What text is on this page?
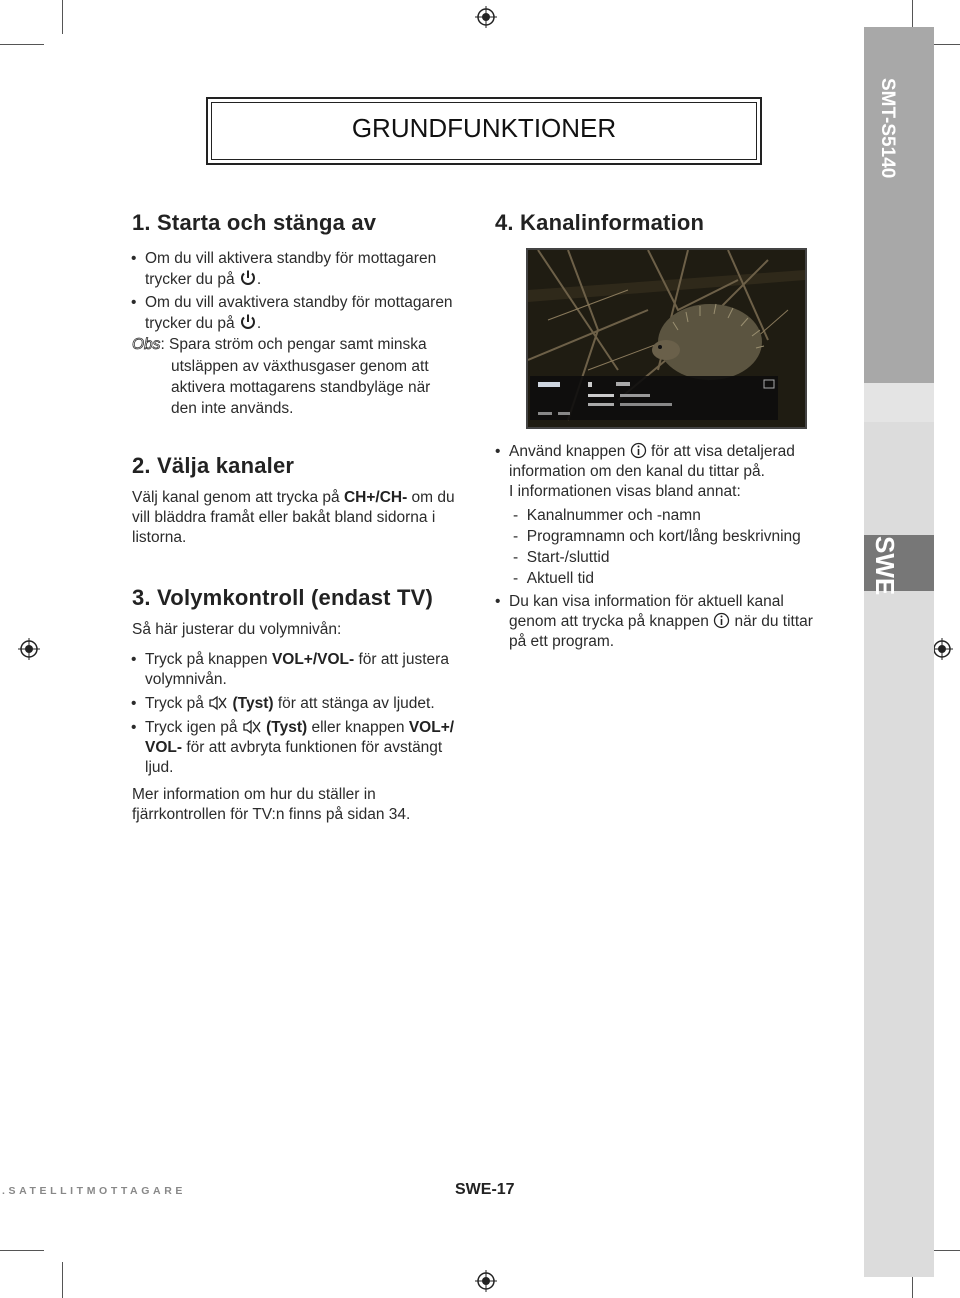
SMT-S5140
SWE
GRUNDFUNKTIONER
1. Starta och stänga av
• Om du vill aktivera standby för mottagaren
trycker du på .
• Om du vill avaktivera standby för mottagaren
trycker du på .
Obs: Spara ström och pengar samt minska
utsläppen av växthusgaser genom att
aktivera mottagarens standbyläge när
den inte används.
2. Välja kanaler
Välj kanal genom att trycka på CH+/CH- om du
vill bläddra framåt eller bakåt bland sidorna i
listorna.
3. Volymkontroll (endast TV)
Så här justerar du volymnivån:
• Tryck på knappen VOL+/VOL- för att justera
volymnivån.
• Tryck på  (Tyst) för att stänga av ljudet.
• Tryck igen på  (Tyst) eller knappen VOL+/
VOL- för att avbryta funktionen för avstängt
ljud.
Mer information om hur du ställer in
fjärrkontrollen för TV:n finns på sidan 34.
4. Kanalinformation
• Använd knappen  för att visa detaljerad
information om den kanal du tittar på.
I informationen visas bland annat:
-  Kanalnummer och -namn
-  Programnamn och kort/lång beskrivning
-  Start-/sluttid
-  Aktuell tid
• Du kan visa information för aktuell kanal
genom att trycka på knappen  när du tittar
på ett program.
.SATELLITMOTTAGARE	SWE-17
